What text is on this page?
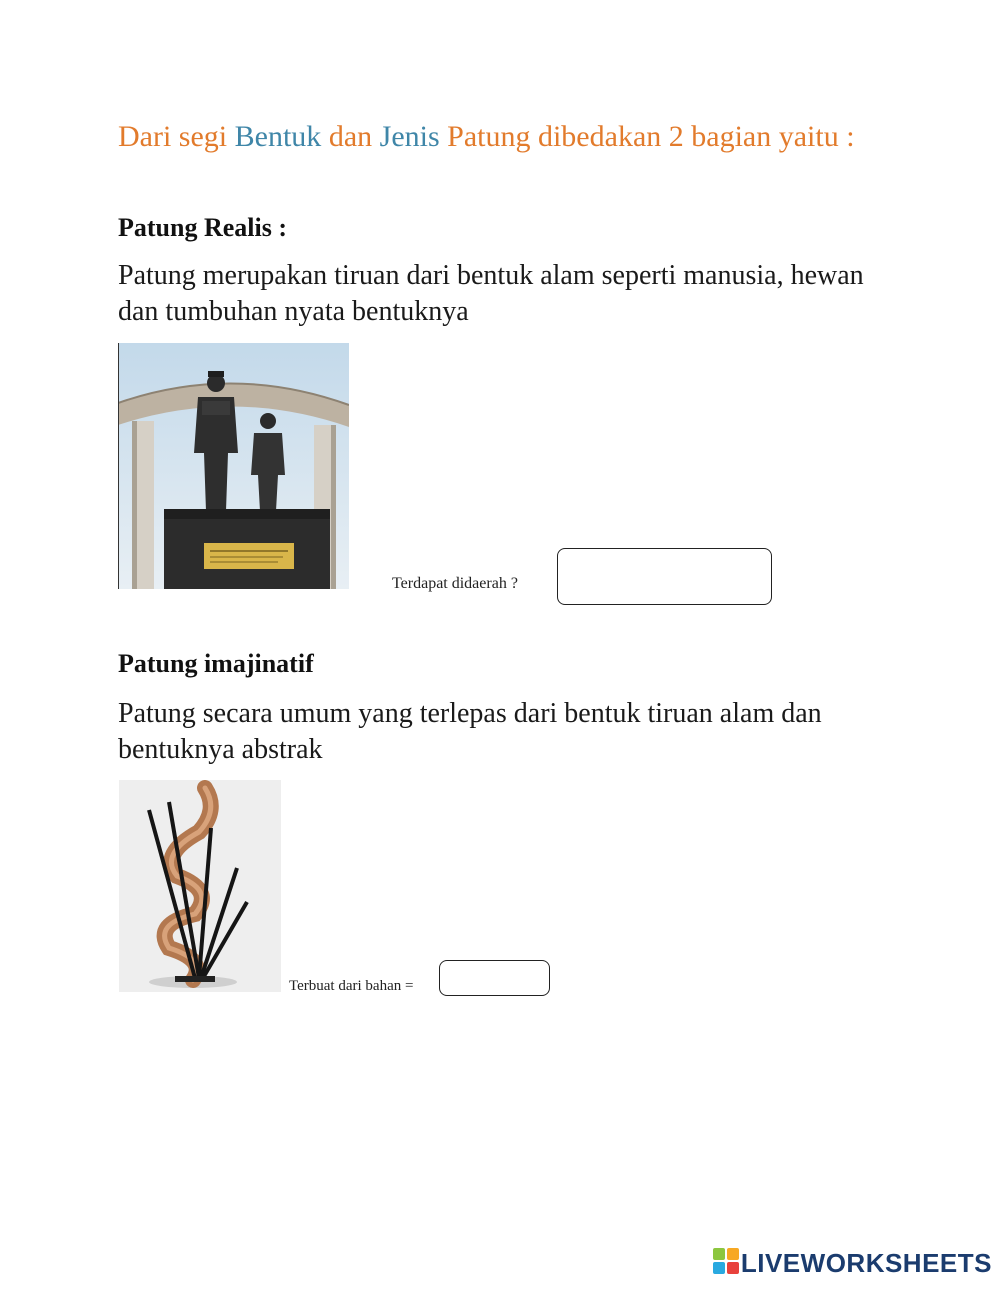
Dari segi Bentuk dan Jenis Patung dibedakan 2 bagian yaitu :
Patung Realis :
Patung merupakan tiruan dari bentuk alam seperti manusia, hewan dan tumbuhan nyata bentuknya
Terdapat didaerah ?
Patung imajinatif
Patung secara umum yang terlepas dari bentuk tiruan alam dan bentuknya abstrak
Terbuat dari bahan =
LIVEWORKSHEETS
